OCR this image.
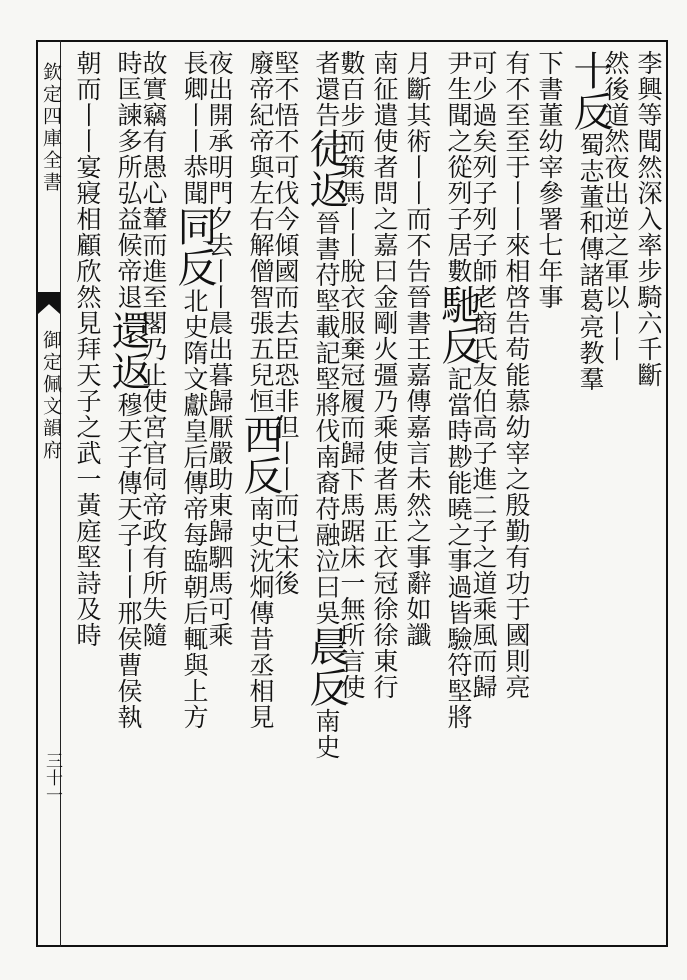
欽定四庫全書
御定佩文韻府
三十一
李興等聞然深入率步騎六千斷
然後道然夜出逆之軍以丨丨
十反蜀志董和傳諸葛亮教羣
下書董幼宰參署七年事
有不至至于丨丨來相啓告苟能慕幼宰之殷勤有功于國則亮
可少過矣列子列子師老商氏友伯高子進二子之道乘風而歸
尹生聞之從列子居數馳反記當時尠能曉之事過皆驗符堅將
月斷其術丨丨而不告晉書王嘉傳嘉言未然之事辭如讖
南征遣使者問之嘉曰金剛火彊乃乘使者馬正衣冠徐徐東行
數百步而策馬丨丨脫衣服棄冠履而歸下馬踞床一無所言使
者還告徒返晉書苻堅載記堅將伐南裔苻融泣曰吳晨反南史
堅不悟不可伐今傾國而去臣恐非但丨丨而已宋後
廢帝紀帝與左右解僧智張五兒恒西反南史沈炯傳昔丞相見
夜出開承明門夕去丨丨晨出暮歸厭嚴助東歸駟馬可乘
長卿丨丨恭聞同反北史隋文獻皇后傳帝每臨朝后輒與上方
故實竊有愚心輦而進至閣乃止使宮官伺帝政有所失隨
時匡諫多所弘益候帝退還返穆天子傳天子丨丨邢侯曹侯執
朝而丨丨宴寢相顧欣然見拜天子之武一黃庭堅詩及時
